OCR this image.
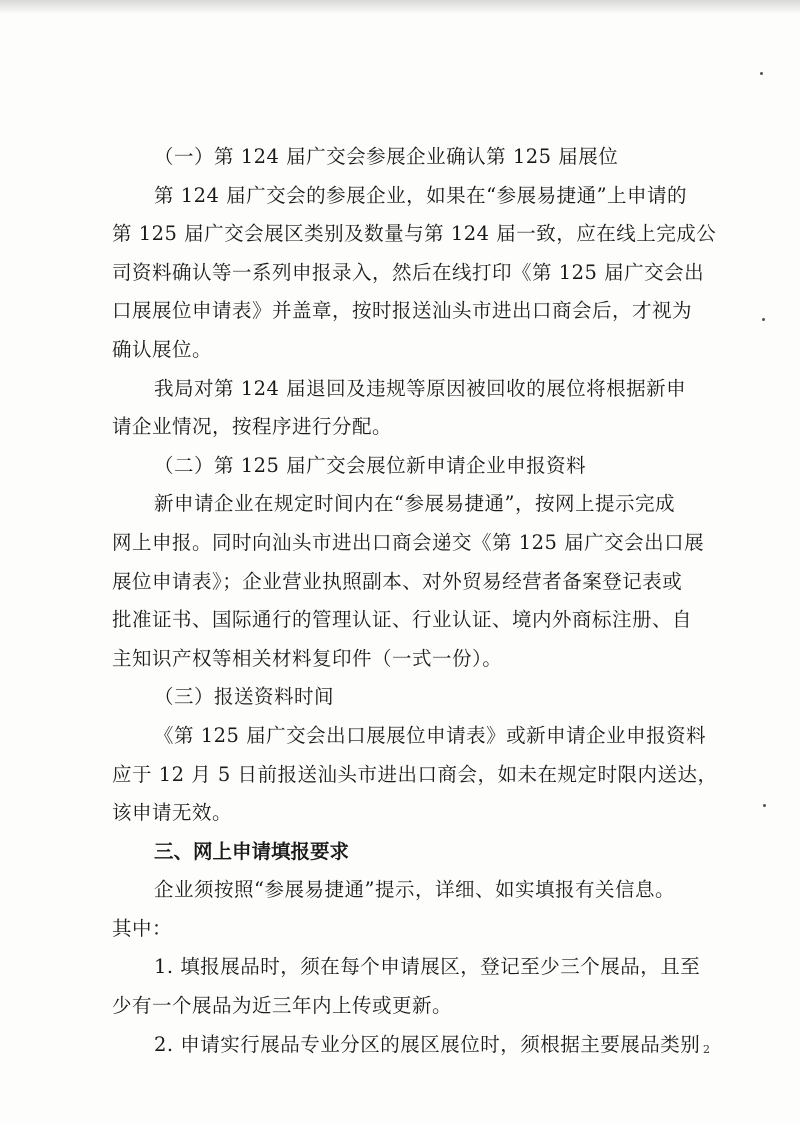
（一）第 124 届广交会参展企业确认第 125 届展位
第 124 届广交会的参展企业，如果在“参展易捷通”上申请的
第 125 届广交会展区类别及数量与第 124 届一致，应在线上完成公
司资料确认等一系列申报录入，然后在线打印《第 125 届广交会出
口展展位申请表》并盖章，按时报送汕头市进出口商会后，才视为
确认展位。
我局对第 124 届退回及违规等原因被回收的展位将根据新申
请企业情况，按程序进行分配。
（二）第 125 届广交会展位新申请企业申报资料
新申请企业在规定时间内在“参展易捷通”，按网上提示完成
网上申报。同时向汕头市进出口商会递交《第 125 届广交会出口展
展位申请表》；企业营业执照副本、对外贸易经营者备案登记表或
批准证书、国际通行的管理认证、行业认证、境内外商标注册、自
主知识产权等相关材料复印件（一式一份）。
（三）报送资料时间
《第 125 届广交会出口展展位申请表》或新申请企业申报资料
应于 12 月 5 日前报送汕头市进出口商会，如未在规定时限内送达，
该申请无效。
三、网上申请填报要求
企业须按照“参展易捷通”提示，详细、如实填报有关信息。
其中：
1. 填报展品时，须在每个申请展区，登记至少三个展品，且至
少有一个展品为近三年内上传或更新。
2. 申请实行展品专业分区的展区展位时，须根据主要展品类别 2
